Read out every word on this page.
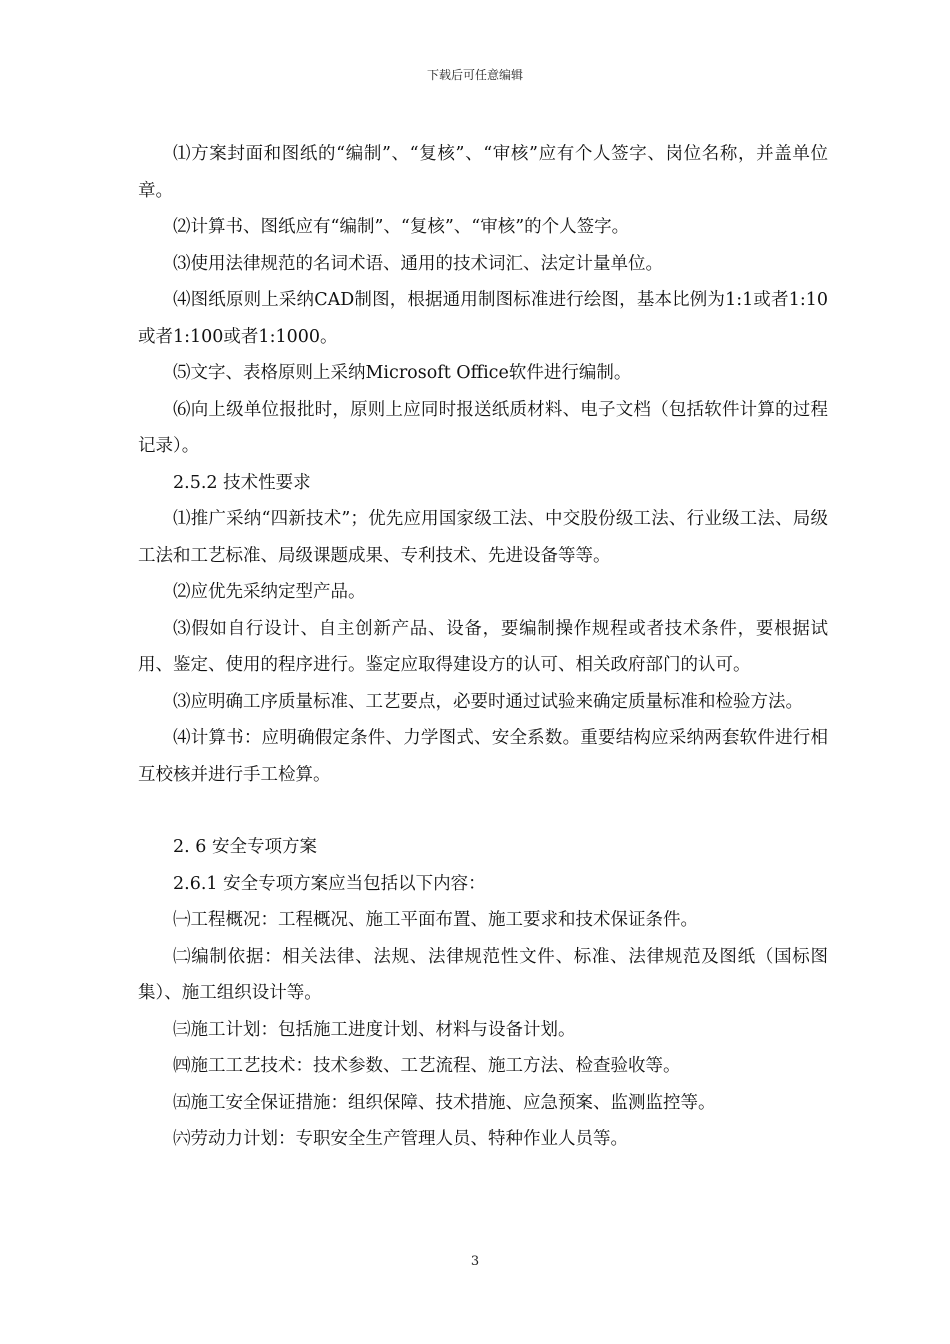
下载后可任意编辑

⑴方案封面和图纸的“编制”、“复核”、“审核”应有个人签字、岗位名称，并盖单位章。

⑵计算书、图纸应有“编制”、“复核”、“审核”的个人签字。

⑶使用法律规范的名词术语、通用的技术词汇、法定计量单位。

⑷图纸原则上采纳CAD制图，根据通用制图标准进行绘图，基本比例为1:1或者1:10或者1:100或者1:1000。

⑸文字、表格原则上采纳Microsoft Office软件进行编制。

⑹向上级单位报批时，原则上应同时报送纸质材料、电子文档（包括软件计算的过程记录）。

2.5.2 技术性要求

⑴推广采纳“四新技术”；优先应用国家级工法、中交股份级工法、行业级工法、局级工法和工艺标准、局级课题成果、专利技术、先进设备等等。

⑵应优先采纳定型产品。

⑶假如自行设计、自主创新产品、设备，要编制操作规程或者技术条件，要根据试用、鉴定、使用的程序进行。鉴定应取得建设方的认可、相关政府部门的认可。

⑶应明确工序质量标准、工艺要点，必要时通过试验来确定质量标准和检验方法。

⑷计算书：应明确假定条件、力学图式、安全系数。重要结构应采纳两套软件进行相互校核并进行手工检算。

2. 6 安全专项方案

2.6.1 安全专项方案应当包括以下内容：

㈠工程概况：工程概况、施工平面布置、施工要求和技术保证条件。

㈡编制依据：相关法律、法规、法律规范性文件、标准、法律规范及图纸（国标图集）、施工组织设计等。

㈢施工计划：包括施工进度计划、材料与设备计划。

㈣施工工艺技术：技术参数、工艺流程、施工方法、检查验收等。

㈤施工安全保证措施：组织保障、技术措施、应急预案、监测监控等。

㈥劳动力计划：专职安全生产管理人员、特种作业人员等。

3
